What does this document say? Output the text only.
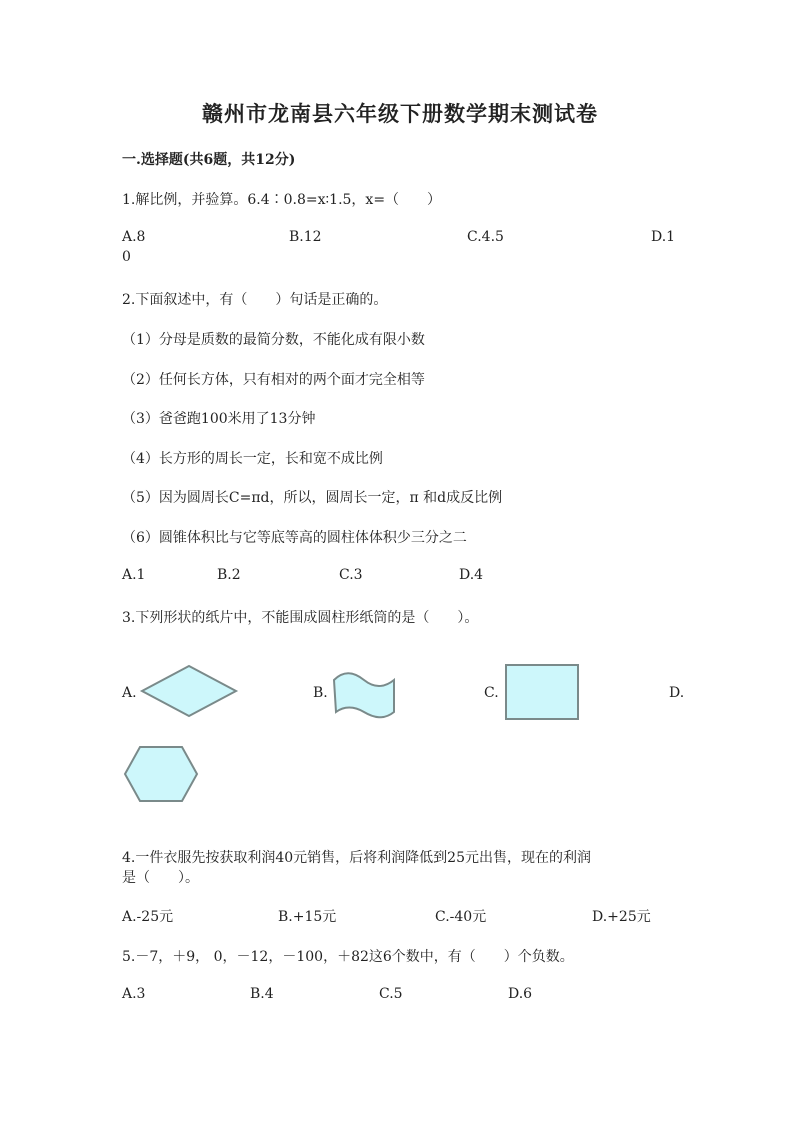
赣州市龙南县六年级下册数学期末测试卷
一.选择题(共6题，共12分)
1.解比例，并验算。6.4∶0.8=x∶1.5，x=（　　）
A.8	B.12	C.4.5	D.1
0
2.下面叙述中，有（　　）句话是正确的。
（1）分母是质数的最简分数，不能化成有限小数
（2）任何长方体，只有相对的两个面才完全相等
（3）爸爸跑100米用了13分钟
（4）长方形的周长一定，长和宽不成比例
（5）因为圆周长C=πd，所以，圆周长一定，π 和d成反比例
（6）圆锥体积比与它等底等高的圆柱体体积少三分之二
A.1	B.2	C.3	D.4
3.下列形状的纸片中，不能围成圆柱形纸筒的是（　　）。
A.	B.	C.	D.
4.一件衣服先按获取利润40元销售，后将利润降低到25元出售，现在的利润
是（　　）。
A.-25元	B.+15元	C.-40元	D.+25元
5.－7，＋9， 0，－12，－100，＋82这6个数中，有（　　）个负数。
A.3	B.4	C.5	D.6
